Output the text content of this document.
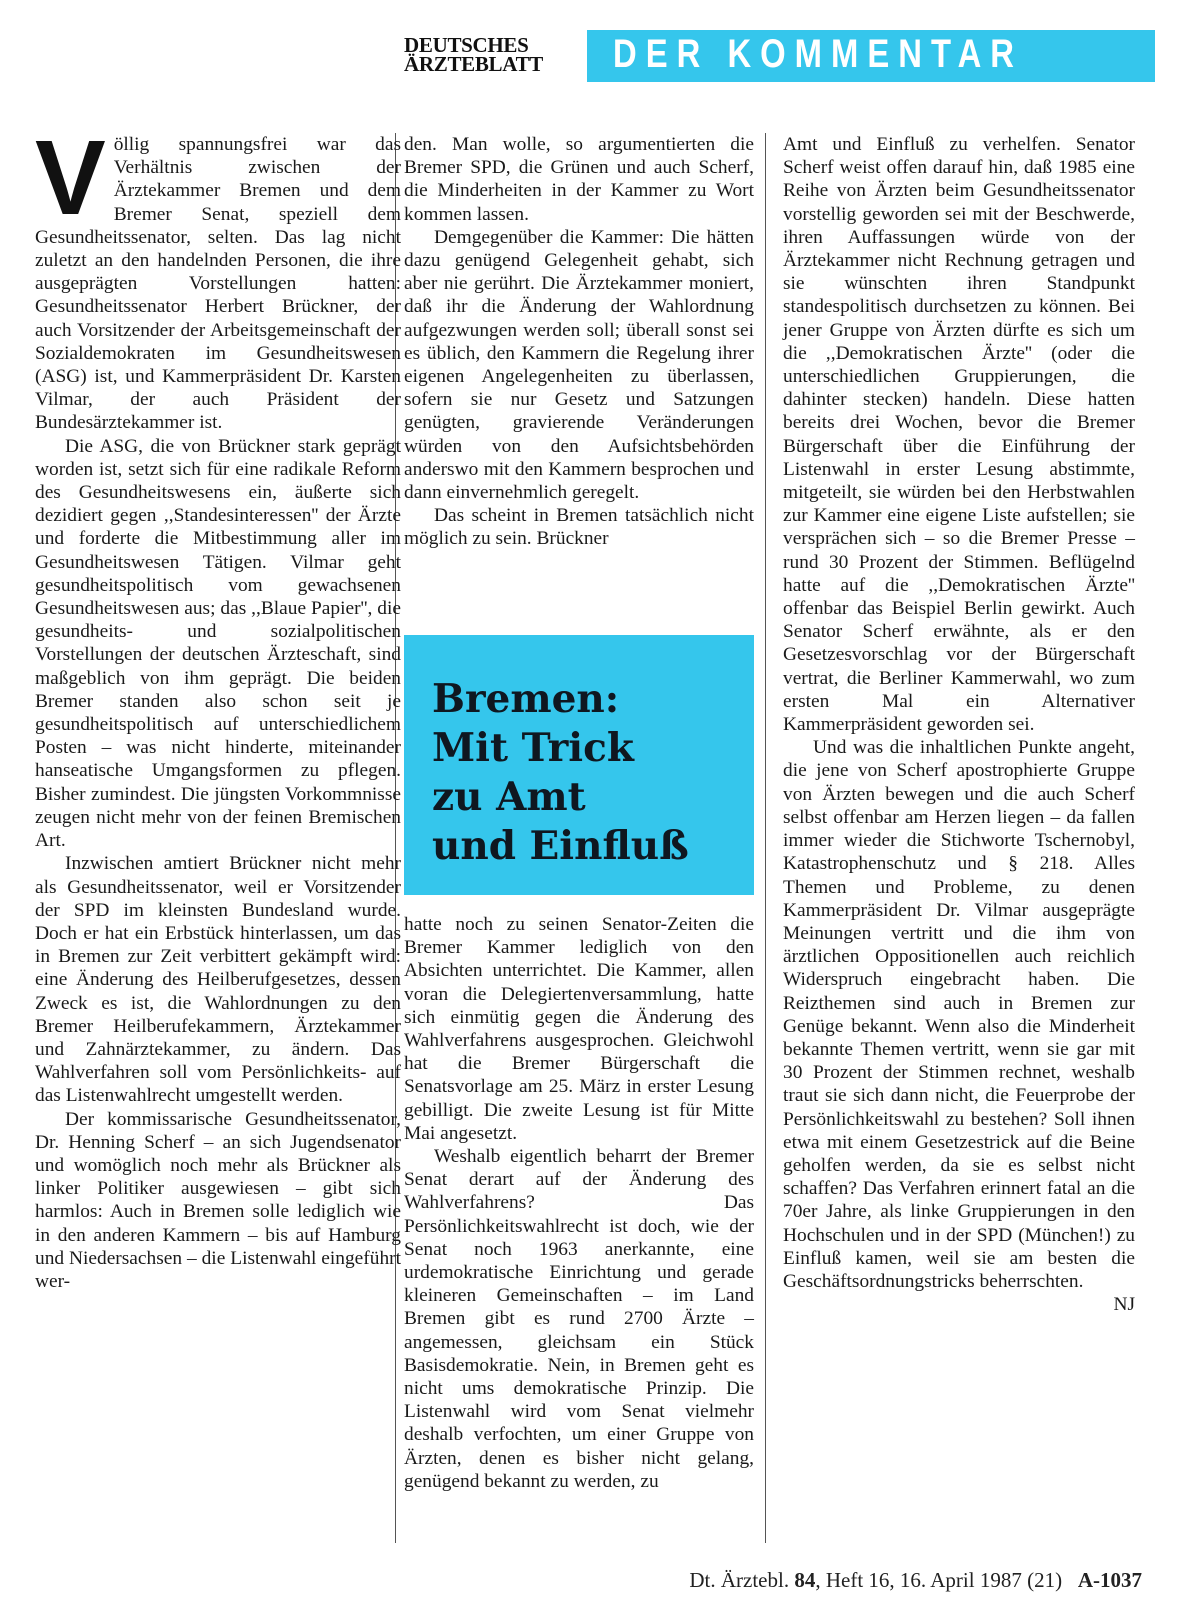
DEUTSCHES
ÄRZTEBLATT	DER KOMMENTAR

Völlig spannungsfrei war das Verhältnis zwischen der Ärztekammer Bremen und dem Bremer Senat, speziell dem Gesundheitssenator, selten. Das lag nicht zuletzt an den handelnden Personen, die ihre ausgeprägten Vorstellungen hatten: Gesundheitssenator Herbert Brückner, der auch Vorsitzender der Arbeitsgemeinschaft der Sozialdemokraten im Gesundheitswesen (ASG) ist, und Kammerpräsident Dr. Karsten Vilmar, der auch Präsident der Bundesärztekammer ist.

Die ASG, die von Brückner stark geprägt worden ist, setzt sich für eine radikale Reform des Gesundheitswesens ein, äußerte sich dezidiert gegen ,,Standesinteressen'' der Ärzte und forderte die Mitbestimmung aller im Gesundheitswesen Tätigen. Vilmar geht gesundheitspolitisch vom gewachsenen Gesundheitswesen aus; das ,,Blaue Papier'', die gesundheits- und sozialpolitischen Vorstellungen der deutschen Ärzteschaft, sind maßgeblich von ihm geprägt. Die beiden Bremer standen also schon seit je gesundheitspolitisch auf unterschiedlichem Posten – was nicht hinderte, miteinander hanseatische Umgangsformen zu pflegen. Bisher zumindest. Die jüngsten Vorkommnisse zeugen nicht mehr von der feinen Bremischen Art.

Inzwischen amtiert Brückner nicht mehr als Gesundheitssenator, weil er Vorsitzender der SPD im kleinsten Bundesland wurde. Doch er hat ein Erbstück hinterlassen, um das in Bremen zur Zeit verbittert gekämpft wird: eine Änderung des Heilberufgesetzes, dessen Zweck es ist, die Wahlordnungen zu den Bremer Heilberufekammern, Ärztekammer und Zahnärztekammer, zu ändern. Das Wahlverfahren soll vom Persönlichkeits- auf das Listenwahlrecht umgestellt werden.

Der kommissarische Gesundheitssenator, Dr. Henning Scherf – an sich Jugendsenator und womöglich noch mehr als Brückner als linker Politiker ausgewiesen – gibt sich harmlos: Auch in Bremen solle lediglich wie in den anderen Kammern – bis auf Hamburg und Niedersachsen – die Listenwahl eingeführt wer-

den. Man wolle, so argumentierten die Bremer SPD, die Grünen und auch Scherf, die Minderheiten in der Kammer zu Wort kommen lassen.

Demgegenüber die Kammer: Die hätten dazu genügend Gelegenheit gehabt, sich aber nie gerührt. Die Ärztekammer moniert, daß ihr die Änderung der Wahlordnung aufgezwungen werden soll; überall sonst sei es üblich, den Kammern die Regelung ihrer eigenen Angelegenheiten zu überlassen, sofern sie nur Gesetz und Satzungen genügten, gravierende Veränderungen würden von den Aufsichtsbehörden anderswo mit den Kammern besprochen und dann einvernehmlich geregelt.

Das scheint in Bremen tatsächlich nicht möglich zu sein. Brückner

Bremen:
Mit Trick
zu Amt
und Einfluß

hatte noch zu seinen Senator-Zeiten die Bremer Kammer lediglich von den Absichten unterrichtet. Die Kammer, allen voran die Delegiertenversammlung, hatte sich einmütig gegen die Änderung des Wahlverfahrens ausgesprochen. Gleichwohl hat die Bremer Bürgerschaft die Senatsvorlage am 25. März in erster Lesung gebilligt. Die zweite Lesung ist für Mitte Mai angesetzt.

Weshalb eigentlich beharrt der Bremer Senat derart auf der Änderung des Wahlverfahrens? Das Persönlichkeitswahlrecht ist doch, wie der Senat noch 1963 anerkannte, eine urdemokratische Einrichtung und gerade kleineren Gemeinschaften – im Land Bremen gibt es rund 2700 Ärzte – angemessen, gleichsam ein Stück Basisdemokratie. Nein, in Bremen geht es nicht ums demokratische Prinzip. Die Listenwahl wird vom Senat vielmehr deshalb verfochten, um einer Gruppe von Ärzten, denen es bisher nicht gelang, genügend bekannt zu werden, zu

Amt und Einfluß zu verhelfen. Senator Scherf weist offen darauf hin, daß 1985 eine Reihe von Ärzten beim Gesundheitssenator vorstellig geworden sei mit der Beschwerde, ihren Auffassungen würde von der Ärztekammer nicht Rechnung getragen und sie wünschten ihren Standpunkt standespolitisch durchsetzen zu können. Bei jener Gruppe von Ärzten dürfte es sich um die ,,Demokratischen Ärzte'' (oder die unterschiedlichen Gruppierungen, die dahinter stecken) handeln. Diese hatten bereits drei Wochen, bevor die Bremer Bürgerschaft über die Einführung der Listenwahl in erster Lesung abstimmte, mitgeteilt, sie würden bei den Herbstwahlen zur Kammer eine eigene Liste aufstellen; sie versprächen sich – so die Bremer Presse – rund 30 Prozent der Stimmen. Beflügelnd hatte auf die ,,Demokratischen Ärzte'' offenbar das Beispiel Berlin gewirkt. Auch Senator Scherf erwähnte, als er den Gesetzesvorschlag vor der Bürgerschaft vertrat, die Berliner Kammerwahl, wo zum ersten Mal ein Alternativer Kammerpräsident geworden sei.

Und was die inhaltlichen Punkte angeht, die jene von Scherf apostrophierte Gruppe von Ärzten bewegen und die auch Scherf selbst offenbar am Herzen liegen – da fallen immer wieder die Stichworte Tschernobyl, Katastrophenschutz und § 218. Alles Themen und Probleme, zu denen Kammerpräsident Dr. Vilmar ausgeprägte Meinungen vertritt und die ihm von ärztlichen Oppositionellen auch reichlich Widerspruch eingebracht haben. Die Reizthemen sind auch in Bremen zur Genüge bekannt. Wenn also die Minderheit bekannte Themen vertritt, wenn sie gar mit 30 Prozent der Stimmen rechnet, weshalb traut sie sich dann nicht, die Feuerprobe der Persönlichkeitswahl zu bestehen? Soll ihnen etwa mit einem Gesetzestrick auf die Beine geholfen werden, da sie es selbst nicht schaffen? Das Verfahren erinnert fatal an die 70er Jahre, als linke Gruppierungen in den Hochschulen und in der SPD (München!) zu Einfluß kamen, weil sie am besten die Geschäftsordnungstricks beherrschten.
NJ

Dt. Ärztebl. 84, Heft 16, 16. April 1987 (21) A-1037
